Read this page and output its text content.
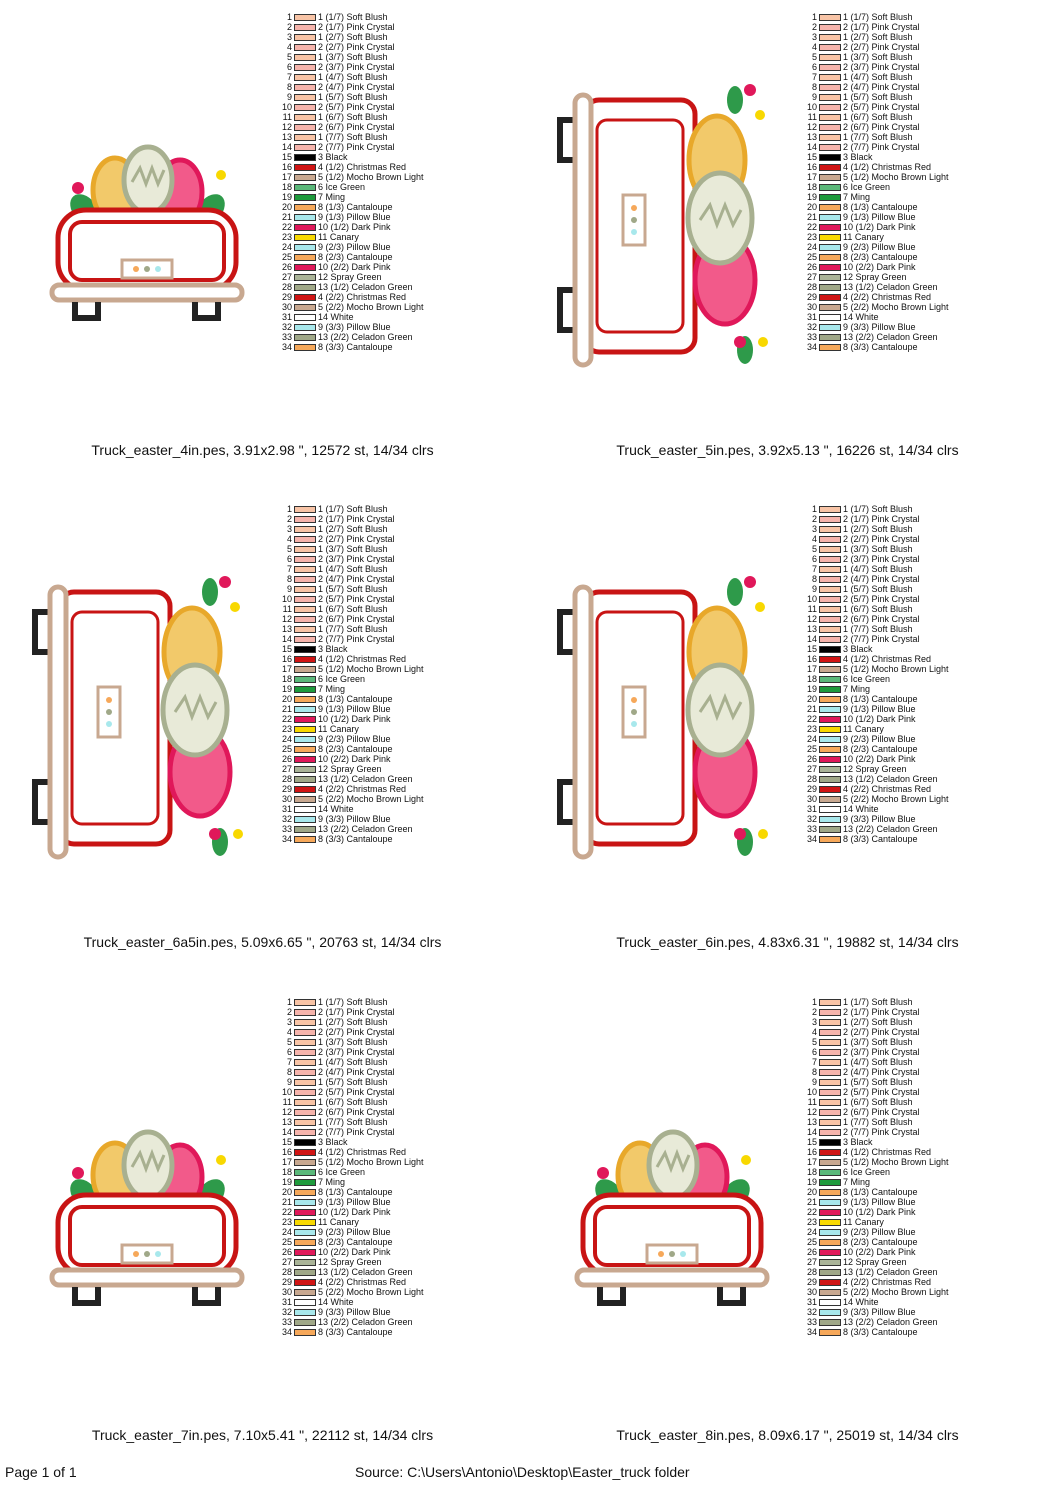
1	1 (1/7) Soft Blush
2	2 (1/7) Pink Crystal
3	1 (2/7) Soft Blush
4	2 (2/7) Pink Crystal
5	1 (3/7) Soft Blush
6	2 (3/7) Pink Crystal
7	1 (4/7) Soft Blush
8	2 (4/7) Pink Crystal
9	1 (5/7) Soft Blush
10	2 (5/7) Pink Crystal
11	1 (6/7) Soft Blush
12	2 (6/7) Pink Crystal
13	1 (7/7) Soft Blush
14	2 (7/7) Pink Crystal
15	3 Black
16	4 (1/2) Christmas Red
17	5 (1/2) Mocho Brown Light
18	6 Ice Green
19	7 Ming
20	8 (1/3) Cantaloupe
21	9 (1/3) Pillow Blue
22	10 (1/2) Dark Pink
23	11 Canary
24	9 (2/3) Pillow Blue
25	8 (2/3) Cantaloupe
26	10 (2/2) Dark Pink
27	12 Spray Green
28	13 (1/2) Celadon Green
29	4 (2/2) Christmas Red
30	5 (2/2) Mocho Brown Light
31	14 White
32	9 (3/3) Pillow Blue
33	13 (2/2) Celadon Green
34	8 (3/3) Cantaloupe
Truck_easter_4in.pes, 3.91x2.98 ", 12572 st, 14/34 clrs
1	1 (1/7) Soft Blush
2	2 (1/7) Pink Crystal
3	1 (2/7) Soft Blush
4	2 (2/7) Pink Crystal
5	1 (3/7) Soft Blush
6	2 (3/7) Pink Crystal
7	1 (4/7) Soft Blush
8	2 (4/7) Pink Crystal
9	1 (5/7) Soft Blush
10	2 (5/7) Pink Crystal
11	1 (6/7) Soft Blush
12	2 (6/7) Pink Crystal
13	1 (7/7) Soft Blush
14	2 (7/7) Pink Crystal
15	3 Black
16	4 (1/2) Christmas Red
17	5 (1/2) Mocho Brown Light
18	6 Ice Green
19	7 Ming
20	8 (1/3) Cantaloupe
21	9 (1/3) Pillow Blue
22	10 (1/2) Dark Pink
23	11 Canary
24	9 (2/3) Pillow Blue
25	8 (2/3) Cantaloupe
26	10 (2/2) Dark Pink
27	12 Spray Green
28	13 (1/2) Celadon Green
29	4 (2/2) Christmas Red
30	5 (2/2) Mocho Brown Light
31	14 White
32	9 (3/3) Pillow Blue
33	13 (2/2) Celadon Green
34	8 (3/3) Cantaloupe
Truck_easter_5in.pes, 3.92x5.13 ", 16226 st, 14/34 clrs
1	1 (1/7) Soft Blush
2	2 (1/7) Pink Crystal
3	1 (2/7) Soft Blush
4	2 (2/7) Pink Crystal
5	1 (3/7) Soft Blush
6	2 (3/7) Pink Crystal
7	1 (4/7) Soft Blush
8	2 (4/7) Pink Crystal
9	1 (5/7) Soft Blush
10	2 (5/7) Pink Crystal
11	1 (6/7) Soft Blush
12	2 (6/7) Pink Crystal
13	1 (7/7) Soft Blush
14	2 (7/7) Pink Crystal
15	3 Black
16	4 (1/2) Christmas Red
17	5 (1/2) Mocho Brown Light
18	6 Ice Green
19	7 Ming
20	8 (1/3) Cantaloupe
21	9 (1/3) Pillow Blue
22	10 (1/2) Dark Pink
23	11 Canary
24	9 (2/3) Pillow Blue
25	8 (2/3) Cantaloupe
26	10 (2/2) Dark Pink
27	12 Spray Green
28	13 (1/2) Celadon Green
29	4 (2/2) Christmas Red
30	5 (2/2) Mocho Brown Light
31	14 White
32	9 (3/3) Pillow Blue
33	13 (2/2) Celadon Green
34	8 (3/3) Cantaloupe
Truck_easter_6a5in.pes, 5.09x6.65 ", 20763 st, 14/34 clrs
1	1 (1/7) Soft Blush
2	2 (1/7) Pink Crystal
3	1 (2/7) Soft Blush
4	2 (2/7) Pink Crystal
5	1 (3/7) Soft Blush
6	2 (3/7) Pink Crystal
7	1 (4/7) Soft Blush
8	2 (4/7) Pink Crystal
9	1 (5/7) Soft Blush
10	2 (5/7) Pink Crystal
11	1 (6/7) Soft Blush
12	2 (6/7) Pink Crystal
13	1 (7/7) Soft Blush
14	2 (7/7) Pink Crystal
15	3 Black
16	4 (1/2) Christmas Red
17	5 (1/2) Mocho Brown Light
18	6 Ice Green
19	7 Ming
20	8 (1/3) Cantaloupe
21	9 (1/3) Pillow Blue
22	10 (1/2) Dark Pink
23	11 Canary
24	9 (2/3) Pillow Blue
25	8 (2/3) Cantaloupe
26	10 (2/2) Dark Pink
27	12 Spray Green
28	13 (1/2) Celadon Green
29	4 (2/2) Christmas Red
30	5 (2/2) Mocho Brown Light
31	14 White
32	9 (3/3) Pillow Blue
33	13 (2/2) Celadon Green
34	8 (3/3) Cantaloupe
Truck_easter_6in.pes, 4.83x6.31 ", 19882 st, 14/34 clrs
1	1 (1/7) Soft Blush
2	2 (1/7) Pink Crystal
3	1 (2/7) Soft Blush
4	2 (2/7) Pink Crystal
5	1 (3/7) Soft Blush
6	2 (3/7) Pink Crystal
7	1 (4/7) Soft Blush
8	2 (4/7) Pink Crystal
9	1 (5/7) Soft Blush
10	2 (5/7) Pink Crystal
11	1 (6/7) Soft Blush
12	2 (6/7) Pink Crystal
13	1 (7/7) Soft Blush
14	2 (7/7) Pink Crystal
15	3 Black
16	4 (1/2) Christmas Red
17	5 (1/2) Mocho Brown Light
18	6 Ice Green
19	7 Ming
20	8 (1/3) Cantaloupe
21	9 (1/3) Pillow Blue
22	10 (1/2) Dark Pink
23	11 Canary
24	9 (2/3) Pillow Blue
25	8 (2/3) Cantaloupe
26	10 (2/2) Dark Pink
27	12 Spray Green
28	13 (1/2) Celadon Green
29	4 (2/2) Christmas Red
30	5 (2/2) Mocho Brown Light
31	14 White
32	9 (3/3) Pillow Blue
33	13 (2/2) Celadon Green
34	8 (3/3) Cantaloupe
Truck_easter_7in.pes, 7.10x5.41 ", 22112 st, 14/34 clrs
1	1 (1/7) Soft Blush
2	2 (1/7) Pink Crystal
3	1 (2/7) Soft Blush
4	2 (2/7) Pink Crystal
5	1 (3/7) Soft Blush
6	2 (3/7) Pink Crystal
7	1 (4/7) Soft Blush
8	2 (4/7) Pink Crystal
9	1 (5/7) Soft Blush
10	2 (5/7) Pink Crystal
11	1 (6/7) Soft Blush
12	2 (6/7) Pink Crystal
13	1 (7/7) Soft Blush
14	2 (7/7) Pink Crystal
15	3 Black
16	4 (1/2) Christmas Red
17	5 (1/2) Mocho Brown Light
18	6 Ice Green
19	7 Ming
20	8 (1/3) Cantaloupe
21	9 (1/3) Pillow Blue
22	10 (1/2) Dark Pink
23	11 Canary
24	9 (2/3) Pillow Blue
25	8 (2/3) Cantaloupe
26	10 (2/2) Dark Pink
27	12 Spray Green
28	13 (1/2) Celadon Green
29	4 (2/2) Christmas Red
30	5 (2/2) Mocho Brown Light
31	14 White
32	9 (3/3) Pillow Blue
33	13 (2/2) Celadon Green
34	8 (3/3) Cantaloupe
Truck_easter_8in.pes, 8.09x6.17 ", 25019 st, 14/34 clrs
Page 1 of 1	Source: C:\Users\Antonio\Desktop\Easter_truck folder
